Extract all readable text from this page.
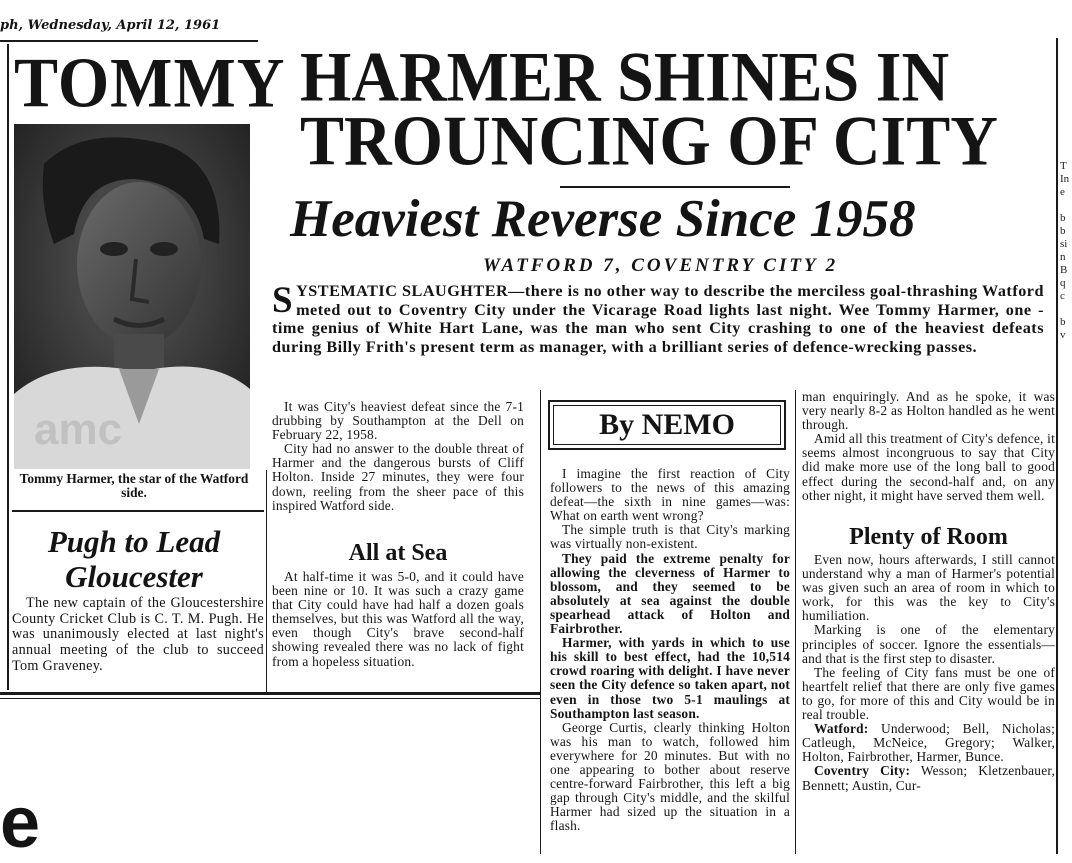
ph, Wednesday, April 12, 1961
TOMMY HARMER SHINES IN
TROUNCING OF CITY
Heaviest Reverse Since 1958
WATFORD 7, COVENTRY CITY 2
SYSTEMATIC SLAUGHTER—there is no other way to describe the merciless goal-thrashing Watford meted out to Coventry City under the Vicarage Road lights last night. Wee Tommy Harmer, one - time genius of White Hart Lane, was the man who sent City crashing to one of the heaviest defeats during Billy Frith's present term as manager, with a brilliant series of defence-wrecking passes.
amc
Tommy Harmer, the star of the Watford side.
Pugh to Lead
Gloucester
The new captain of the Gloucestershire County Cricket Club is C. T. M. Pugh. He was unanimously elected at last night's annual meeting of the club to succeed Tom Graveney.

It was City's heaviest defeat since the 7-1 drubbing by Southampton at the Dell on February 22, 1958.

City had no answer to the double threat of Harmer and the dangerous bursts of Cliff Holton. Inside 27 minutes, they were four down, reeling from the sheer pace of this inspired Watford side.

All at Sea

At half-time it was 5-0, and it could have been nine or 10. It was such a crazy game that City could have had half a dozen goals themselves, but this was Watford all the way, even though City's brave second-half showing revealed there was no lack of fight from a hopeless situation.

By NEMO

I imagine the first reaction of City followers to the news of this amazing defeat—the sixth in nine games—was: What on earth went wrong?

The simple truth is that City's marking was virtually non-existent.

They paid the extreme penalty for allowing the cleverness of Harmer to blossom, and they seemed to be absolutely at sea against the double spearhead attack of Holton and Fairbrother.

Harmer, with yards in which to use his skill to best effect, had the 10,514 crowd roaring with delight. I have never seen the City defence so taken apart, not even in those two 5-1 maulings at Southampton last season.

George Curtis, clearly thinking Holton was his man to watch, followed him everywhere for 20 minutes. But with no one appearing to bother about reserve centre-forward Fairbrother, this left a big gap through City's middle, and the skilful Harmer had sized up the situation in a flash.

man enquiringly. And as he spoke, it was very nearly 8-2 as Holton handled as he went through.

Amid all this treatment of City's defence, it seems almost incongruous to say that City did make more use of the long ball to good effect during the second-half and, on any other night, it might have served them well.

Plenty of Room

Even now, hours afterwards, I still cannot understand why a man of Harmer's potential was given such an area of room in which to work, for this was the key to City's humiliation.

Marking is one of the elementary principles of soccer. Ignore the essentials—and that is the first step to disaster.

The feeling of City fans must be one of heartfelt relief that there are only five games to go, for more of this and City would be in real trouble.

Watford: Underwood; Bell, Nicholas; Catleugh, McNeice, Gregory; Walker, Holton, Fairbrother, Harmer, Bunce.

Coventry City: Wesson; Kletzenbauer, Bennett; Austin, Cur-

e
T
In
e

b
b
si
n
B
q
c

b
v
